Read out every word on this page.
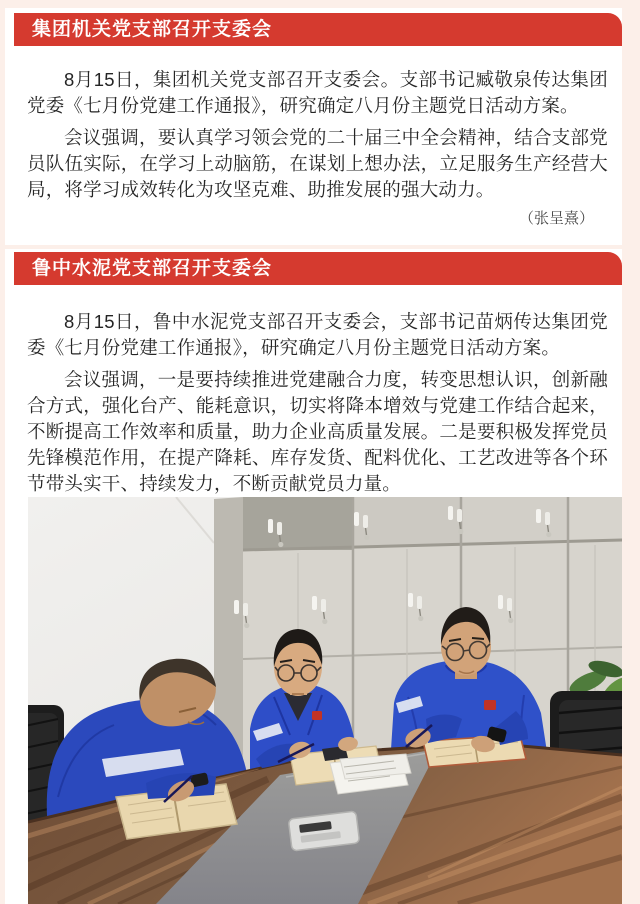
集团机关党支部召开支委会

8月15日，集团机关党支部召开支委会。支部书记臧敬泉传达集团党委《七月份党建工作通报》，研究确定八月份主题党日活动方案。

会议强调，要认真学习领会党的二十届三中全会精神，结合支部党员队伍实际，在学习上动脑筋，在谋划上想办法，立足服务生产经营大局，将学习成效转化为攻坚克难、助推发展的强大动力。

（张呈熹）
鲁中水泥党支部召开支委会

8月15日，鲁中水泥党支部召开支委会，支部书记苗炳传达集团党委《七月份党建工作通报》，研究确定八月份主题党日活动方案。

会议强调，一是要持续推进党建融合力度，转变思想认识，创新融合方式，强化台产、能耗意识，切实将降本增效与党建工作结合起来，不断提高工作效率和质量，助力企业高质量发展。二是要积极发挥党员先锋模范作用，在提产降耗、库存发货、配料优化、工艺改进等各个环节带头实干、持续发力，不断贡献党员力量。
